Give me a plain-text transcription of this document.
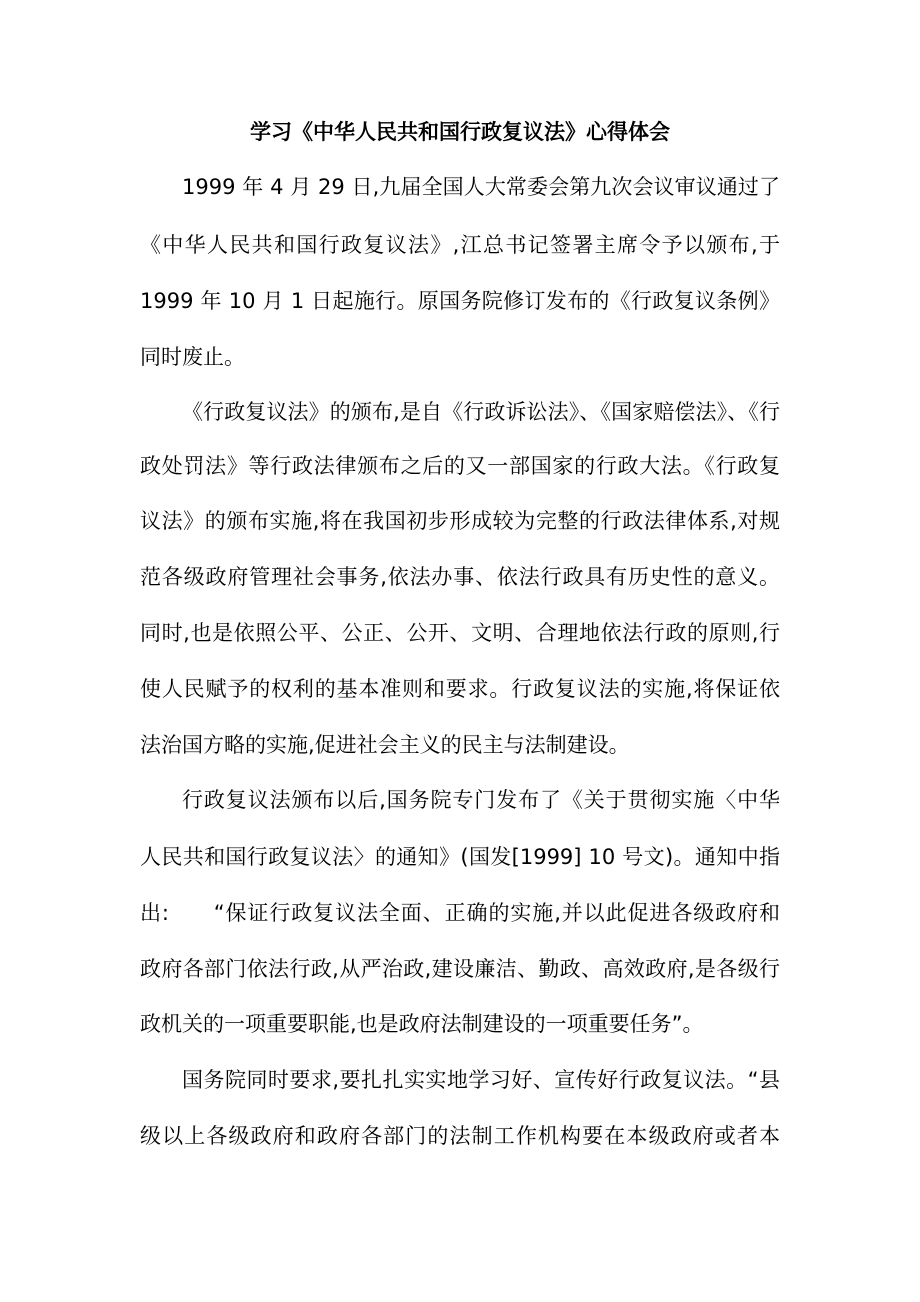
学习《中华人民共和国行政复议法》心得体会
1999 年 4 月 29 日,九届全国人大常委会第九次会议审议通过了
《中华人民共和国行政复议法》,江总书记签署主席令予以颁布,于
1999 年 10 月 1 日起施行。原国务院修订发布的《行政复议条例》
同时废止。
《行政复议法》的颁布,是自《行政诉讼法》、《国家赔偿法》、《行
政处罚法》等行政法律颁布之后的又一部国家的行政大法。《行政复
议法》的颁布实施,将在我国初步形成较为完整的行政法律体系,对规
范各级政府管理社会事务,依法办事、依法行政具有历史性的意义。
同时,也是依照公平、公正、公开、文明、合理地依法行政的原则,行
使人民赋予的权利的基本准则和要求。行政复议法的实施,将保证依
法治国方略的实施,促进社会主义的民主与法制建设。
行政复议法颁布以后,国务院专门发布了《关于贯彻实施〈中华
人民共和国行政复议法〉的通知》(国发[1999] 10 号文)。通知中指
出:　　“保证行政复议法全面、正确的实施,并以此促进各级政府和
政府各部门依法行政,从严治政,建设廉洁、勤政、高效政府,是各级行
政机关的一项重要职能,也是政府法制建设的一项重要任务”。
国务院同时要求,要扎扎实实地学习好、宣传好行政复议法。“县
级以上各级政府和政府各部门的法制工作机构要在本级政府或者本
